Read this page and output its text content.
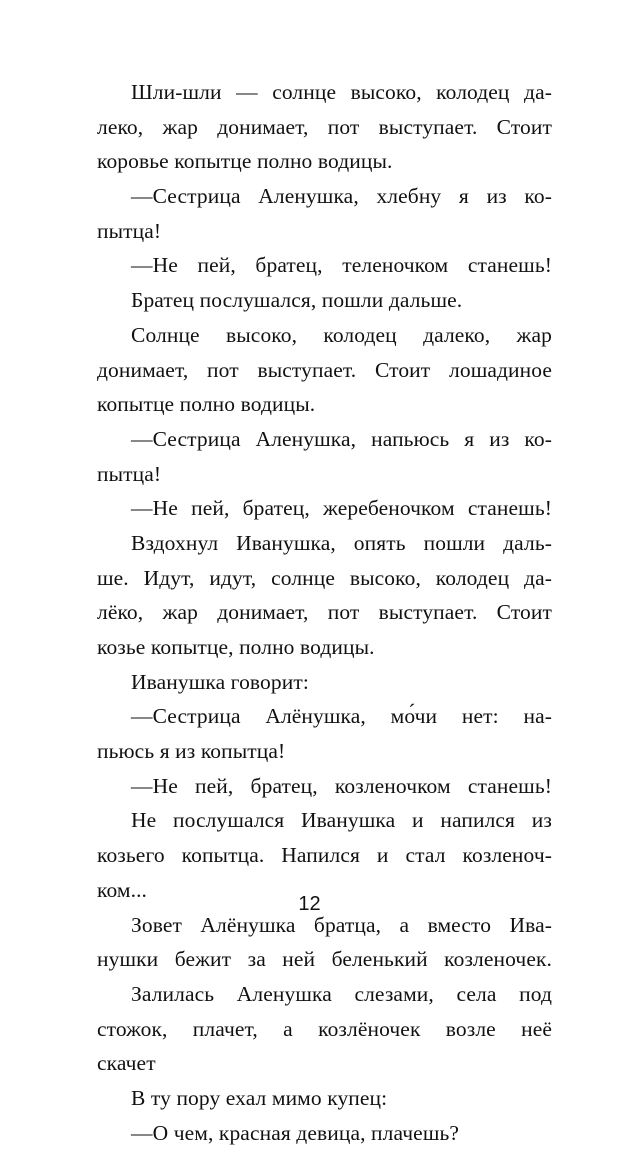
Шли-шли — солнце высоко, колодец да-
леко, жар донимает, пот выступает. Стоит
коровье копытце полно водицы.
—Сестрица Аленушка, хлебну я из ко-
пытца!
—Не пей, братец, теленочком станешь!
Братец послушался, пошли дальше.
Солнце высоко, колодец далеко, жар
донимает, пот выступает. Стоит лошадиное
копытце полно водицы.
—Сестрица Аленушка, напьюсь я из ко-
пытца!
—Не пей, братец, жеребеночком станешь!
Вздохнул Иванушка, опять пошли даль-
ше. Идут, идут, солнце высоко, колодец да-
лёко, жар донимает, пот выступает. Стоит
козье копытце, полно водицы.
Иванушка говорит:
—Сестрица Алёнушка, мо́чи нет: на-
пьюсь я из копытца!
—Не пей, братец, козленочком станешь!
Не послушался Иванушка и напился из
козьего копытца. Напился и стал козленоч-
ком...
Зовет Алёнушка братца, а вместо Ива-
нушки бежит за ней беленький козленочек.
Залилась Аленушка слезами, села под
стожок, плачет, а козлёночек возле неё
скачет
В ту пору ехал мимо купец:
—О чем, красная девица, плачешь?
12
